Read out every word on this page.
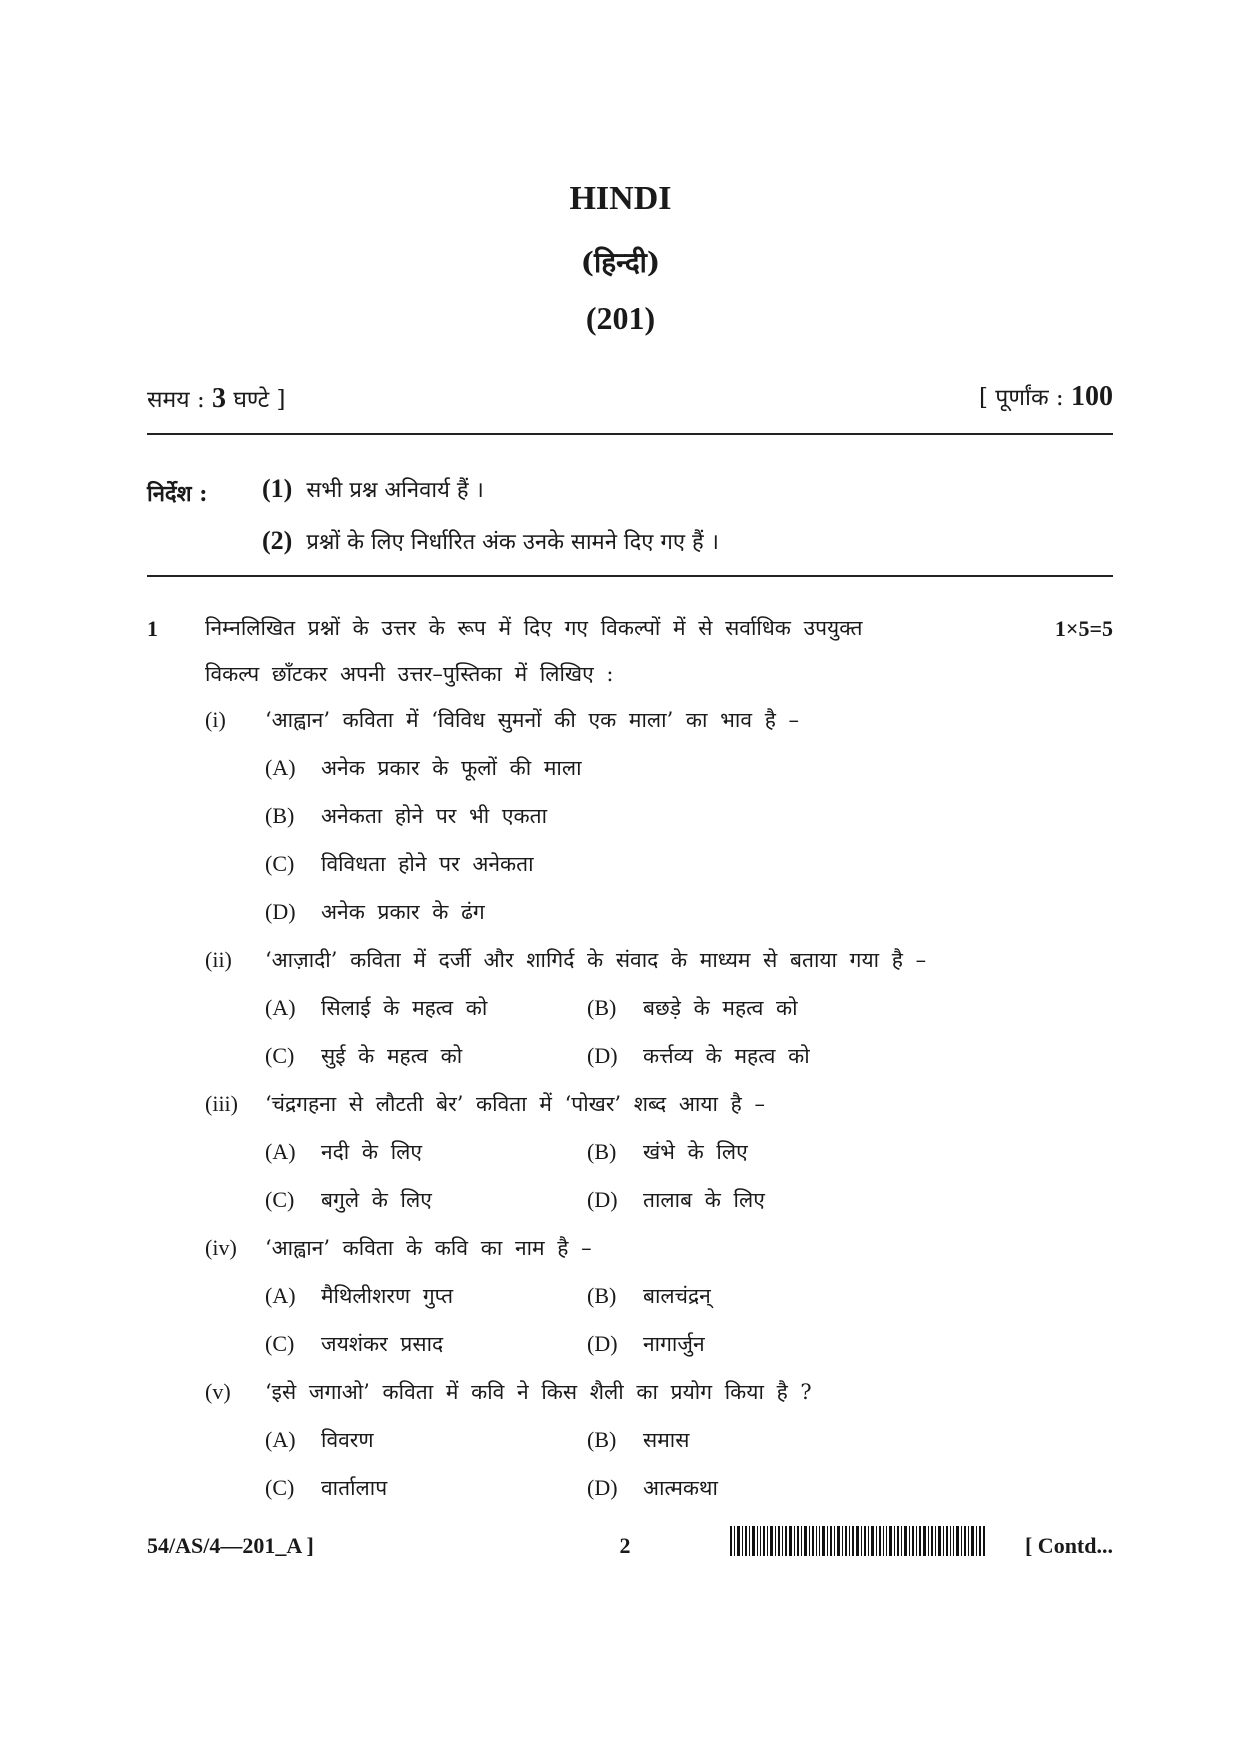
HINDI
(हिन्दी)
(201)
समय : 3 घण्टे ]	[ पूर्णांक : 100
निर्देश : (1) सभी प्रश्न अनिवार्य हैं ।
(2) प्रश्नों के लिए निर्धारित अंक उनके सामने दिए गए हैं ।
1	1×5=5
निम्नलिखित प्रश्नों के उत्तर के रूप में दिए गए विकल्पों में से सर्वाधिक उपयुक्त
विकल्प छाँटकर अपनी उत्तर–पुस्तिका में लिखिए :
(i) ‘आह्वान’ कविता में ‘विविध सुमनों की एक माला’ का भाव है –
(A) अनेक प्रकार के फूलों की माला
(B) अनेकता होने पर भी एकता
(C) विविधता होने पर अनेकता
(D) अनेक प्रकार के ढंग
(ii) ‘आज़ादी’ कविता में दर्जी और शागिर्द के संवाद के माध्यम से बताया गया है –
(A) सिलाई के महत्व को	(B) बछड़े के महत्व को
(C) सुई के महत्व को	(D) कर्त्तव्य के महत्व को
(iii) ‘चंद्रगहना से लौटती बेर’ कविता में ‘पोखर’ शब्द आया है –
(A) नदी के लिए	(B) खंभे के लिए
(C) बगुले के लिए	(D) तालाब के लिए
(iv) ‘आह्वान’ कविता के कवि का नाम है –
(A) मैथिलीशरण गुप्त	(B) बालचंद्रन्
(C) जयशंकर प्रसाद	(D) नागार्जुन
(v) ‘इसे जगाओ’ कविता में कवि ने किस शैली का प्रयोग किया है ?
(A) विवरण	(B) समास
(C) वार्तालाप	(D) आत्मकथा
54/AS/4—201_A ]	2	[ Contd...
